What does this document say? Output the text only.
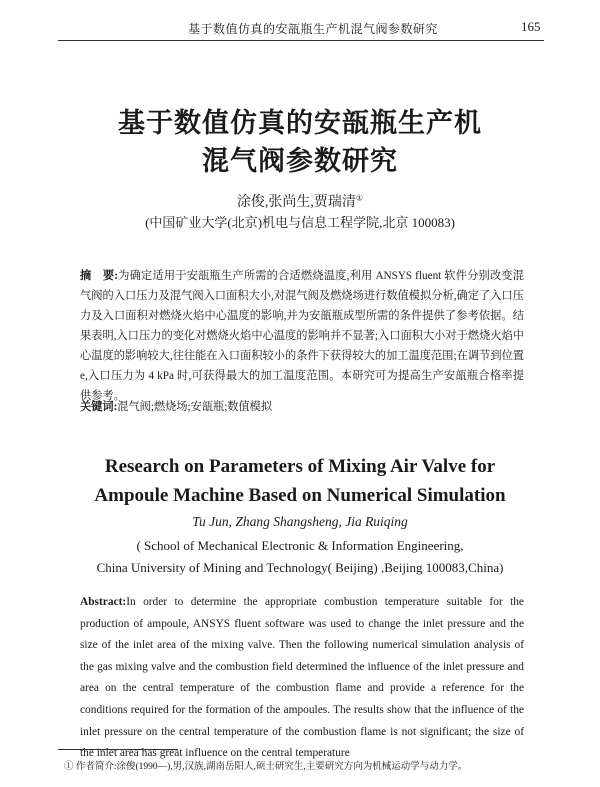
基于数值仿真的安瓿瓶生产机混气阀参数研究	165
基于数值仿真的安瓿瓶生产机
混气阀参数研究
涂俊,张尚生,贾瑞清①
(中国矿业大学(北京)机电与信息工程学院,北京 100083)
摘　要:为确定适用于安瓿瓶生产所需的合适燃烧温度,利用 ANSYS fluent 软件分别改变混气阀的入口压力及混气阀入口面积大小,对混气阀及燃烧场进行数值模拟分析,确定了入口压力及入口面积对燃烧火焰中心温度的影响,并为安瓿瓶成型所需的条件提供了参考依据。结果表明,入口压力的变化对燃烧火焰中心温度的影响并不显著;入口面积大小对于燃烧火焰中心温度的影响较大,往往能在入口面积较小的条件下获得较大的加工温度范围;在调节到位置 e,入口压力为 4 kPa 时,可获得最大的加工温度范围。本研究可为提高生产安瓿瓶合格率提供参考。
关键词:混气阀;燃烧场;安瓿瓶;数值模拟
Research on Parameters of Mixing Air Valve for
Ampoule Machine Based on Numerical Simulation
Tu Jun, Zhang Shangsheng, Jia Ruiqing
( School of Mechanical Electronic & Information Engineering,
China University of Mining and Technology( Beijing) ,Beijing 100083,China)
Abstract:In order to determine the appropriate combustion temperature suitable for the production of ampoule, ANSYS fluent software was used to change the inlet pressure and the size of the inlet area of the mixing valve. Then the following numerical simulation analysis of the gas mixing valve and the combustion field determined the influence of the inlet pressure and area on the central temperature of the combustion flame and provide a reference for the conditions required for the formation of the ampoules. The results show that the influence of the inlet pressure on the central temperature of the combustion flame is not significant; the size of the inlet area has great influence on the central temperature
① 作者简介:涂俊(1990—),男,汉族,湖南岳阳人,硕士研究生,主要研究方向为机械运动学与动力学。
